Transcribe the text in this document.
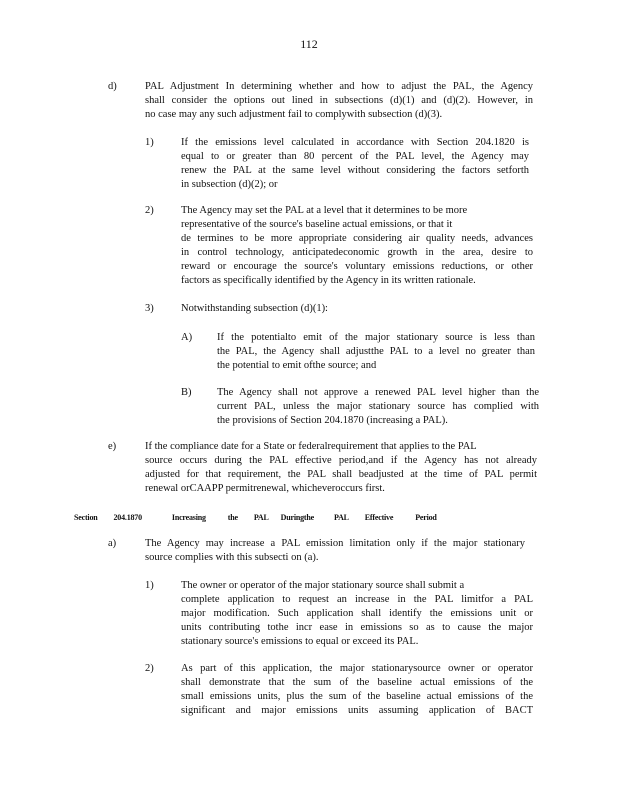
112
d)	PAL Adjustment In determining whether and how to adjust the PAL, the Agency
shall consider the options out lined in subsections (d)(1) and (d)(2). However, in
no case may any such adjustment fail to complywith subsection (d)(3).
1)	If the emissions level calculated in accordance with Section 204.1820 is
equal to or greater than 80 percent of the PAL level, the Agency may
renew the PAL at the same level without considering the factors setforth
in subsection (d)(2); or
2)	The Agency may set the PAL at a level that it determines to be more
representative of the source's baseline actual emissions, or that it
de termines to be more appropriate considering air quality needs, advances
in control technology, anticipatedeconomic growth in the area, desire to
reward or encourage the source's voluntary emissions reductions, or other
factors as specifically identified by the Agency in its written rationale.
3)	Notwithstanding subsection (d)(1):
A) If the potentialto emit of the major stationary source is less than
the PAL, the Agency shall adjustthe PAL to a level no greater than
the potential to emit ofthe source; and
B) The Agency shall not approve a renewed PAL level higher than the
current PAL, unless the major stationary source has complied with
the provisions of Section 204.1870 (increasing a PAL).
e)	If the compliance date for a State or federalrequirement that applies to the PAL
source occurs during the PAL effective period,and if the Agency has not already
adjusted for that requirement, the PAL shall beadjusted at the time of PAL permit
renewal orCAAPP permitrenewal, whicheveroccurs first.
Section 204.1870	Increasing	the PAL Duringthe	PAL Effective	Period
a)	The Agency may increase a PAL emission limitation only if the major stationary
source complies with this subsecti on (a).
1)	The owner or operator of the major stationary source shall submit a
complete application to request an increase in the PAL limitfor a PAL
major modification. Such application shall identify the emissions unit or
units contributing tothe incr ease in emissions so as to cause the major
stationary source's emissions to equal or exceed its PAL.
2)	As part of this application, the major stationarysource owner or operator
shall demonstrate that the sum of the baseline actual emissions of the
small emissions units, plus the sum of the baseline actual emissions of the
significant and major emissions units assuming application of BACT
